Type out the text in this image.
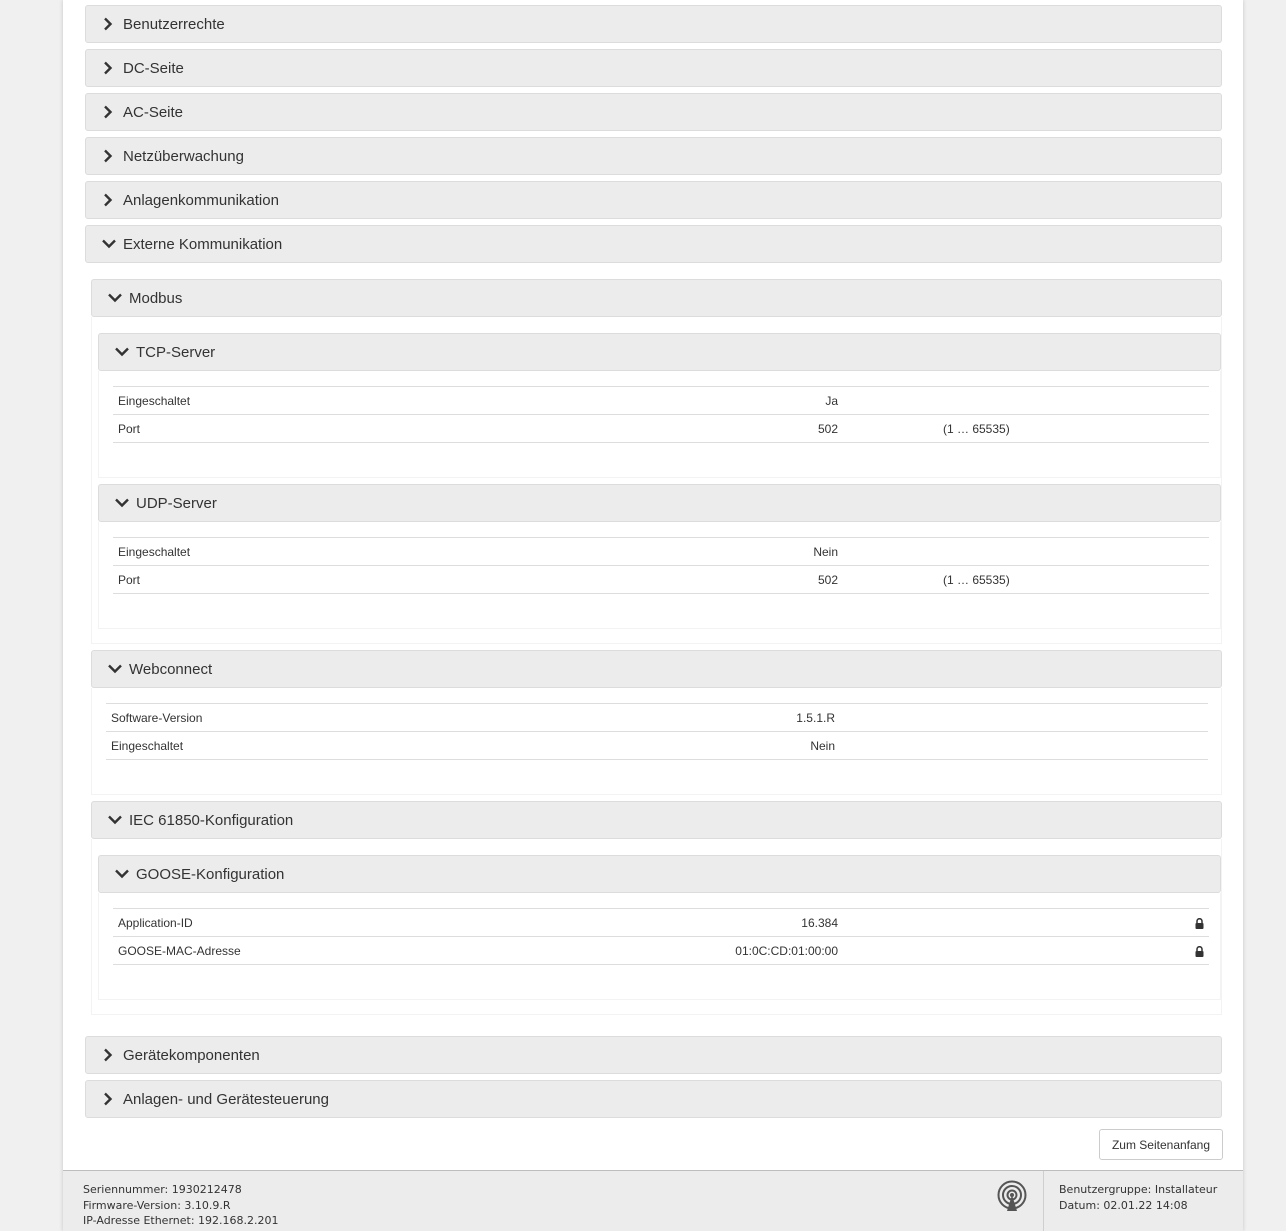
Benutzerrechte
DC-Seite
AC-Seite
Netzüberwachung
Anlagenkommunikation
Externe Kommunikation
Modbus
TCP-Server
Eingeschaltet	Ja	
Port	502	(1 … 65535)
UDP-Server
Eingeschaltet	Nein	
Port	502	(1 … 65535)
Webconnect
Software-Version	1.5.1.R	
Eingeschaltet	Nein	
IEC 61850-Konfiguration
GOOSE-Konfiguration
Application-ID	16.384	
GOOSE-MAC-Adresse	01:0C:CD:01:00:00	
Gerätekomponenten
Anlagen- und Gerätesteuerung
Zum Seitenanfang
Seriennummer: 1930212478
Firmware-Version: 3.10.9.R
IP-Adresse Ethernet: 192.168.2.201
Benutzergruppe: Installateur
Datum: 02.01.22 14:08
